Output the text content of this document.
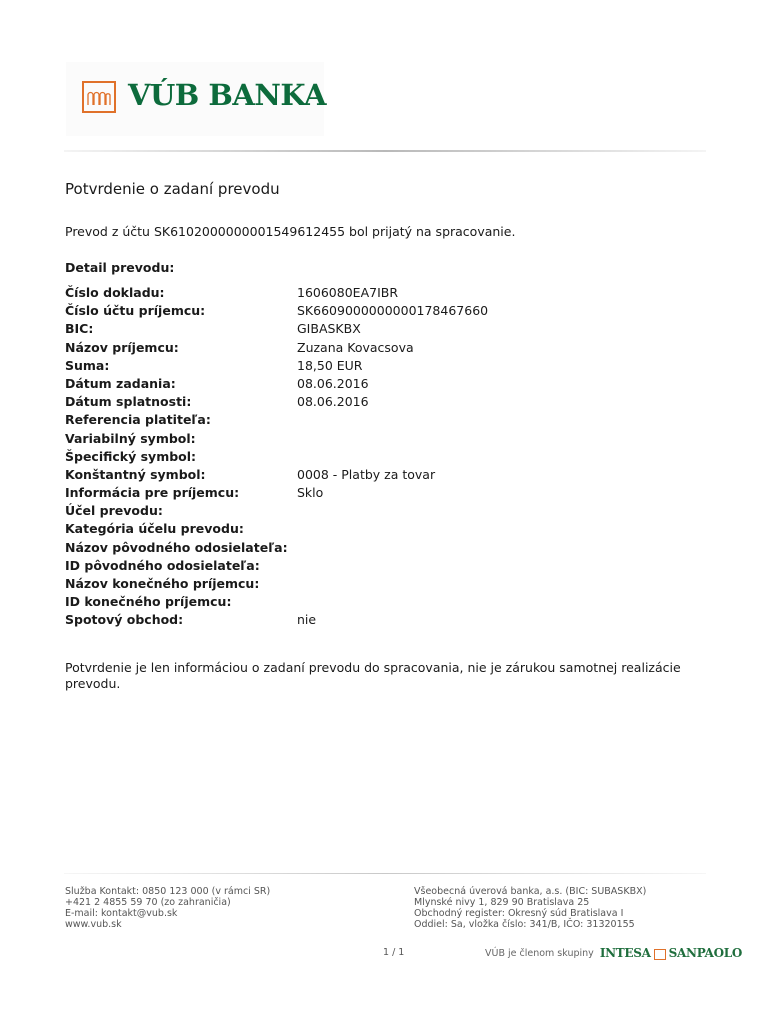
VÚB BANKA
Potvrdenie o zadaní prevodu
Prevod z účtu SK6102000000001549612455 bol prijatý na spracovanie.
Detail prevodu:
Číslo dokladu:	1606080EA7IBR
Číslo účtu príjemcu:	SK6609000000000178467660
BIC:	GIBASKBX
Názov príjemcu:	Zuzana Kovacsova
Suma:	18,50 EUR
Dátum zadania:	08.06.2016
Dátum splatnosti:	08.06.2016
Referencia platiteľa:
Variabilný symbol:
Špecifický symbol:
Konštantný symbol:	0008 - Platby za tovar
Informácia pre príjemcu:	Sklo
Účel prevodu:
Kategória účelu prevodu:
Názov pôvodného odosielateľa:
ID pôvodného odosielateľa:
Názov konečného príjemcu:
ID konečného príjemcu:
Spotový obchod:	nie
Potvrdenie je len informáciou o zadaní prevodu do spracovania, nie je zárukou samotnej realizácie prevodu.
Služba Kontakt: 0850 123 000 (v rámci SR)
+421 2 4855 59 70 (zo zahraničia)
E-mail: kontakt@vub.sk
www.vub.sk
Všeobecná úverová banka, a.s. (BIC: SUBASKBX)
Mlynské nivy 1, 829 90 Bratislava 25
Obchodný register: Okresný súd Bratislava I
Oddiel: Sa, vložka číslo: 341/B, IČO: 31320155
1 / 1	VÚB je členom skupiny INTESA SANPAOLO
